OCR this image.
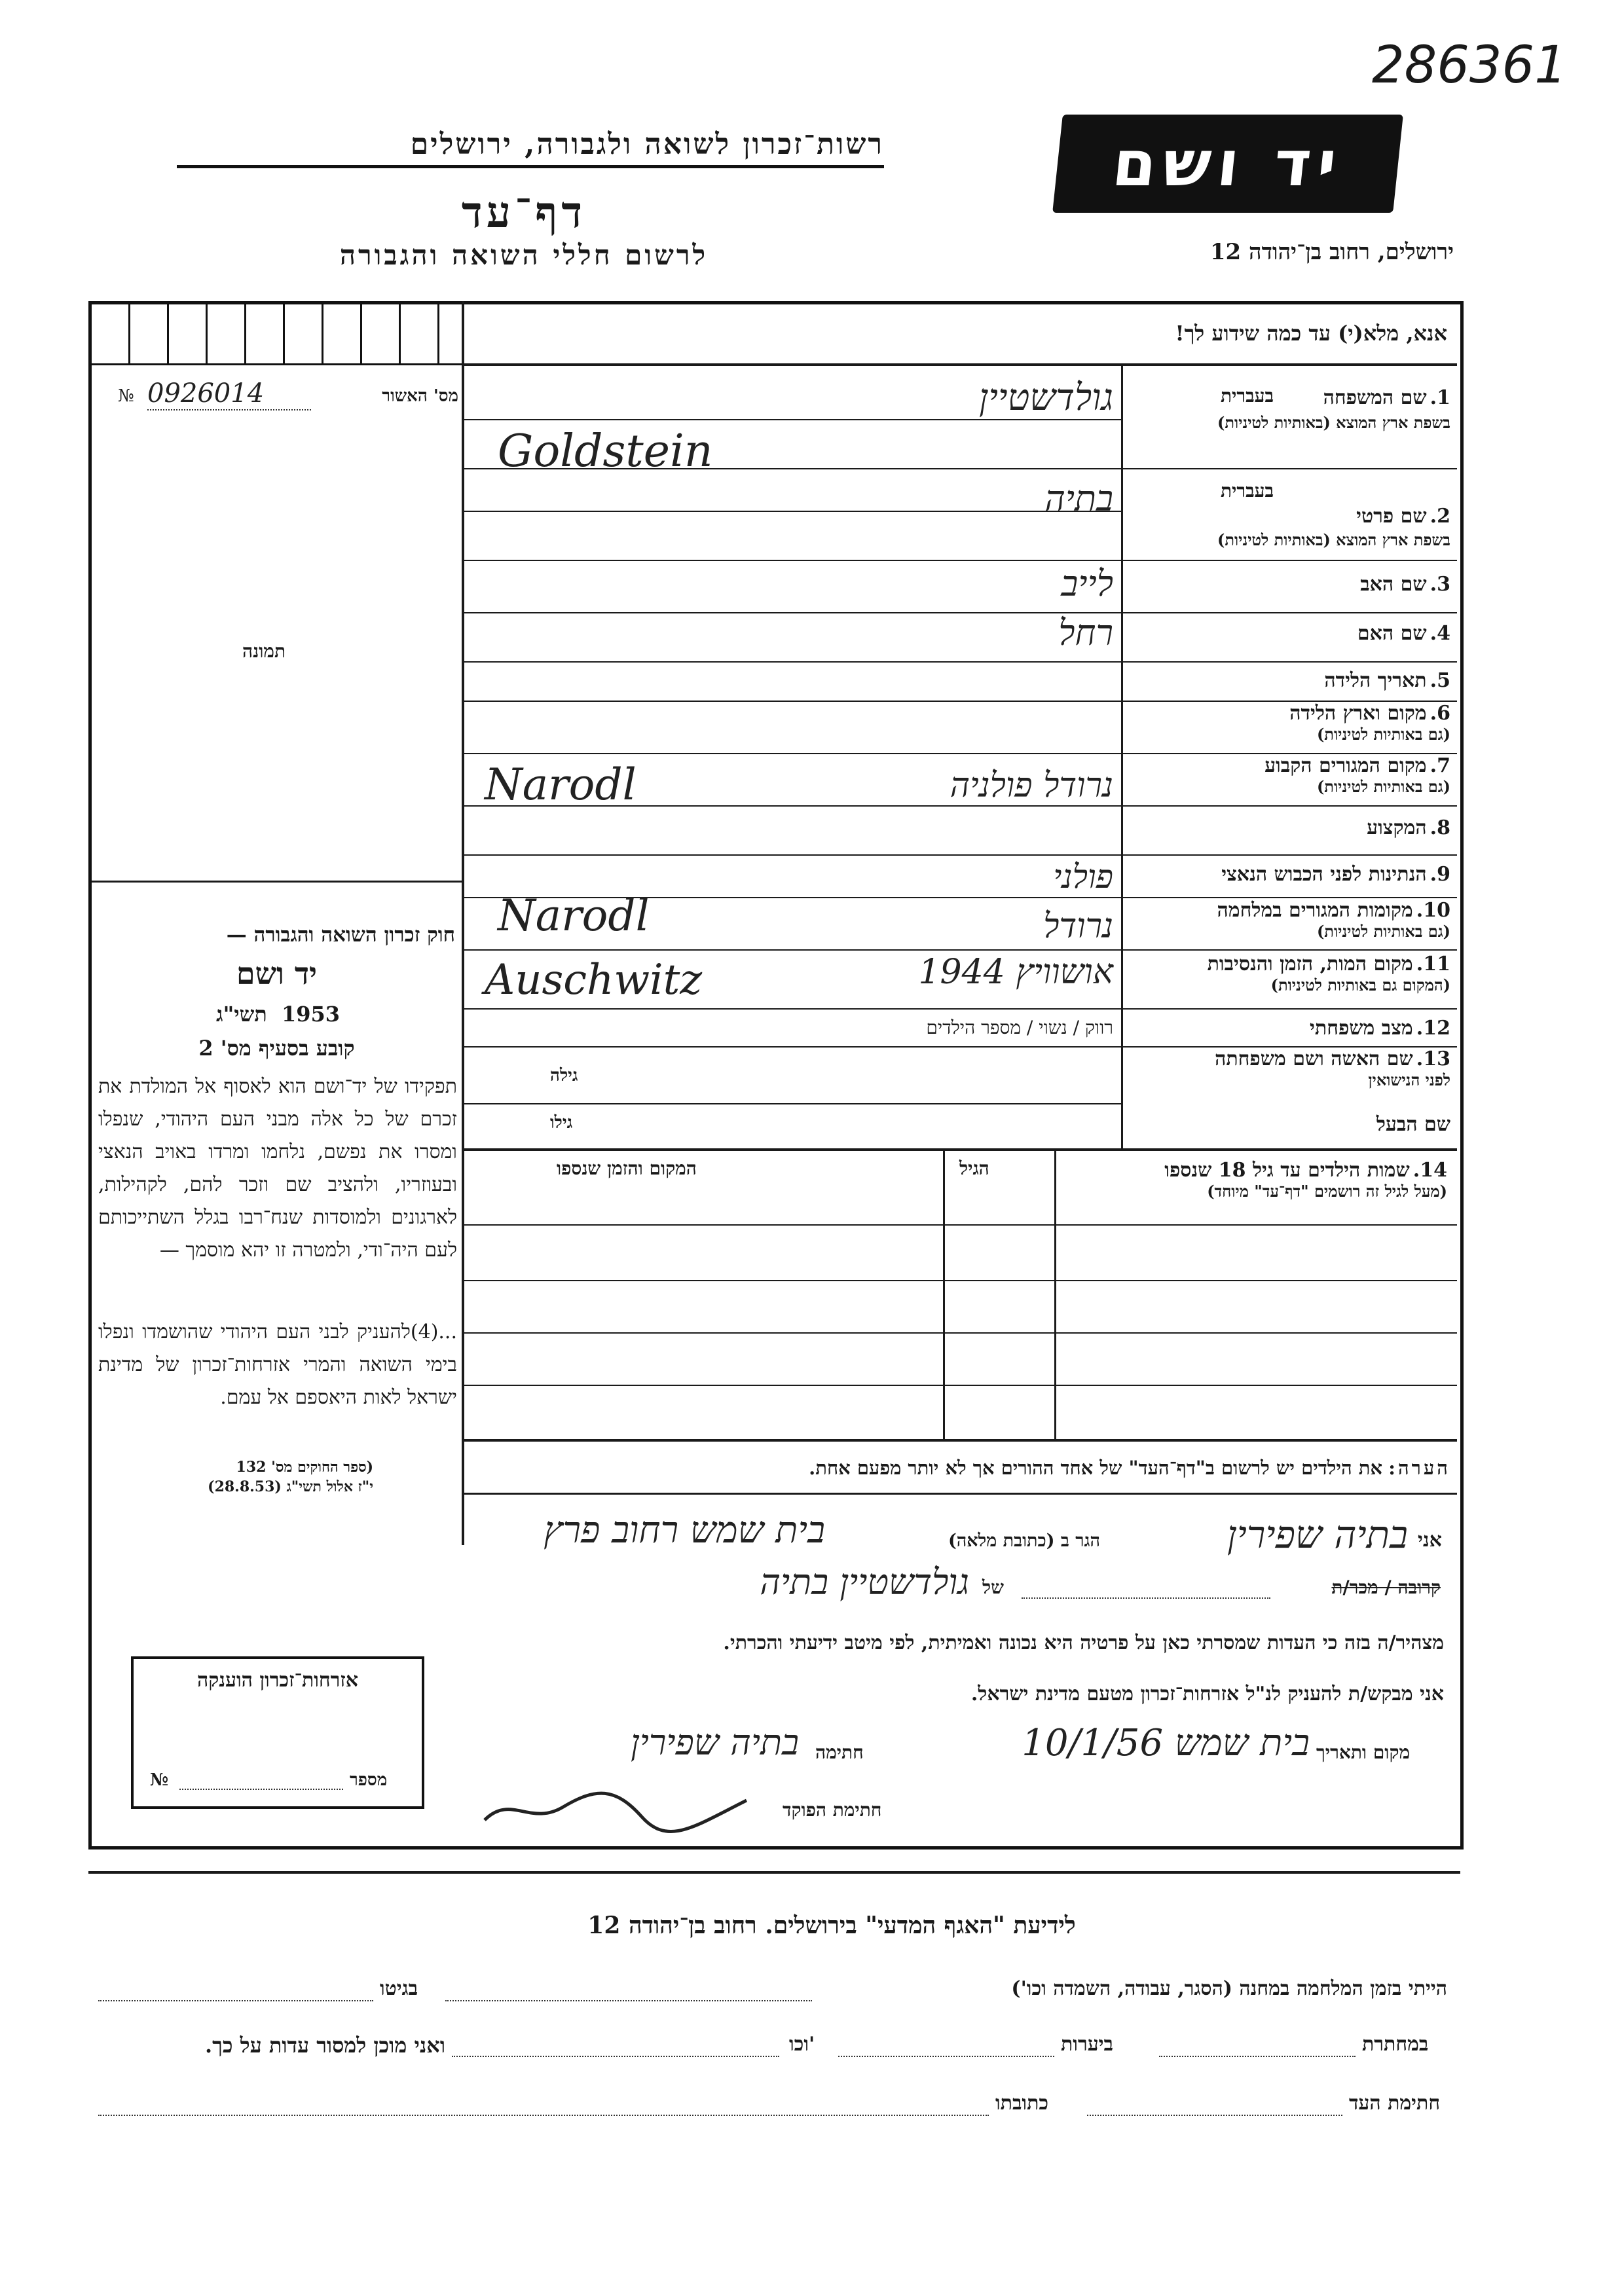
286361
יד ושם
רשות־זכרון לשואה ולגבורה, ירושלים
דף־עד
לרשום חללי השואה והגבורה	ירושלים, רחוב בן־יהודה 12
מס' האשור
№ 0926014
תמונה
חוק זכרון השואה והגבורה —
יד ושם
תשי"ג 1953
קובע בסעיף מס' 2
תפקידו של יד־ושם הוא לאסוף אל המולדת את זכרם של כל אלה מבני העם היהודי, שנפלו ומסרו את נפשם, נלחמו ומרדו באויב הנאצי ובעוזריו, ולהציב שם וזכר להם, לקהילות, לארגונים ולמוסדות שנח־רבו בגלל השתייכותם לעם היה־ודי, ולמטרה זו יהא מוסמך —
...(4)להעניק לבני העם היהודי שהושמדו ונפלו בימי השואה והמרי אזרחות־זכרון של מדינת ישראל לאות היאספם אל עמם.
(ספר החוקים מס' 132
י"ז אלול תשי"ג (28.8.53)
אנא, מלא(י) עד כמה שידוע לך!
בעברית	1. שם המשפחה
בשפת ארץ המוצא (באותיות לטיניות)
גולדשטיין
Goldstein
בעברית
2. שם פרטי
בשפת ארץ המוצא (באותיות לטיניות)
בתיה
3. שם האב
לייב
4. שם האם
רחל
5. תאריך הלידה
6. מקום וארץ הלידה
(גם באותיות לטיניות)
7. מקום המגורים הקבוע
(גם באותיות לטיניות)
נרודל פולניה
Narodl
8. המקצוע
9. הנתינות לפני הכבוש הנאצי
פולני
10. מקומות המגורים במלחמה
(גם באותיות לטיניות)
נרודל
Narodl
11. מקום המות, הזמן והנסיבות
(המקום גם באותיות לטיניות)
אושוויץ 1944
Auschwitz
12. מצב משפחתי
רווק / נשוי / מספר הילדים
13. שם האשה ושם משפחתה
לפני הנישואין
גילה
שם הבעל
גילו
14. שמות הילדים עד גיל 18 שנספו
(מעל לגיל זה רושמים "דף־עד" מיוחד)
הגיל
המקום והזמן שנספו
הערה: את הילדים יש לרשום ב"דף־העד" של אחד ההורים אך לא יותר מפעם אחת.
אני
בתיה שפירין
הגר ב (כתובת מלאה)
בית שמש רחוב פרץ
קרובה / מכר/ת
של
גולדשטיין בתיה
מצהיר/ה בזה כי העדות שמסרתי כאן על פרטיה היא נכונה ואמיתית, לפי מיטב ידיעתי והכרתי.
אני מבקש/ת להעניק לנ"ל אזרחות־זכרון מטעם מדינת ישראל.
מקום ותאריך
בית שמש 10/1/56
חתימה
בתיה שפירין
חתימת הפוקד
אזרחות־זכרון הוענקה
מספר
№
לידיעת "האגף המדעי" בירושלים. רחוב בן־יהודה 12
הייתי בזמן המלחמה במחנה (הסגר, עבודה, השמדה וכו')
בגיטו
במחתרת
ביערות
וכו'
ואני מוכן למסור עדות על כך.
חתימת העד
כתובתו
